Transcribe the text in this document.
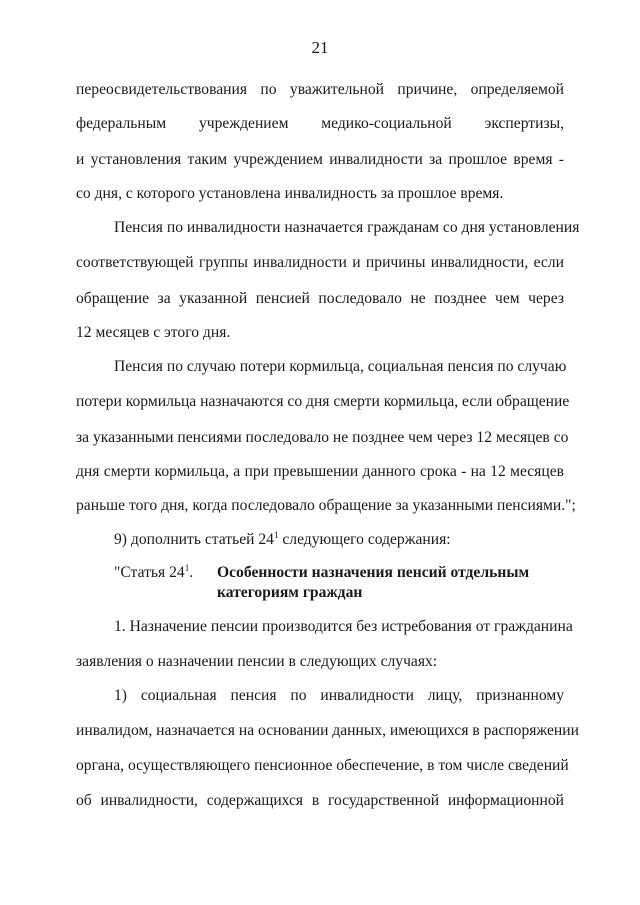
21
переосвидетельствования по уважительной причине, определяемой
федеральным учреждением медико-социальной экспертизы,
и установления таким учреждением инвалидности за прошлое время -
со дня, с которого установлена инвалидность за прошлое время.
Пенсия по инвалидности назначается гражданам со дня установления
соответствующей группы инвалидности и причины инвалидности, если
обращение за указанной пенсией последовало не позднее чем через
12 месяцев с этого дня.
Пенсия по случаю потери кормильца, социальная пенсия по случаю
потери кормильца назначаются со дня смерти кормильца, если обращение
за указанными пенсиями последовало не позднее чем через 12 месяцев со
дня смерти кормильца, а при превышении данного срока - на 12 месяцев
раньше того дня, когда последовало обращение за указанными пенсиями.";
9) дополнить статьей $24^1$ следующего содержания:
"Статья $24^1$. Особенности назначения пенсий отдельным категориям граждан
1. Назначение пенсии производится без истребования от гражданина
заявления о назначении пенсии в следующих случаях:
1) социальная пенсия по инвалидности лицу, признанному
инвалидом, назначается на основании данных, имеющихся в распоряжении
органа, осуществляющего пенсионное обеспечение, в том числе сведений
об инвалидности, содержащихся в государственной информационной
